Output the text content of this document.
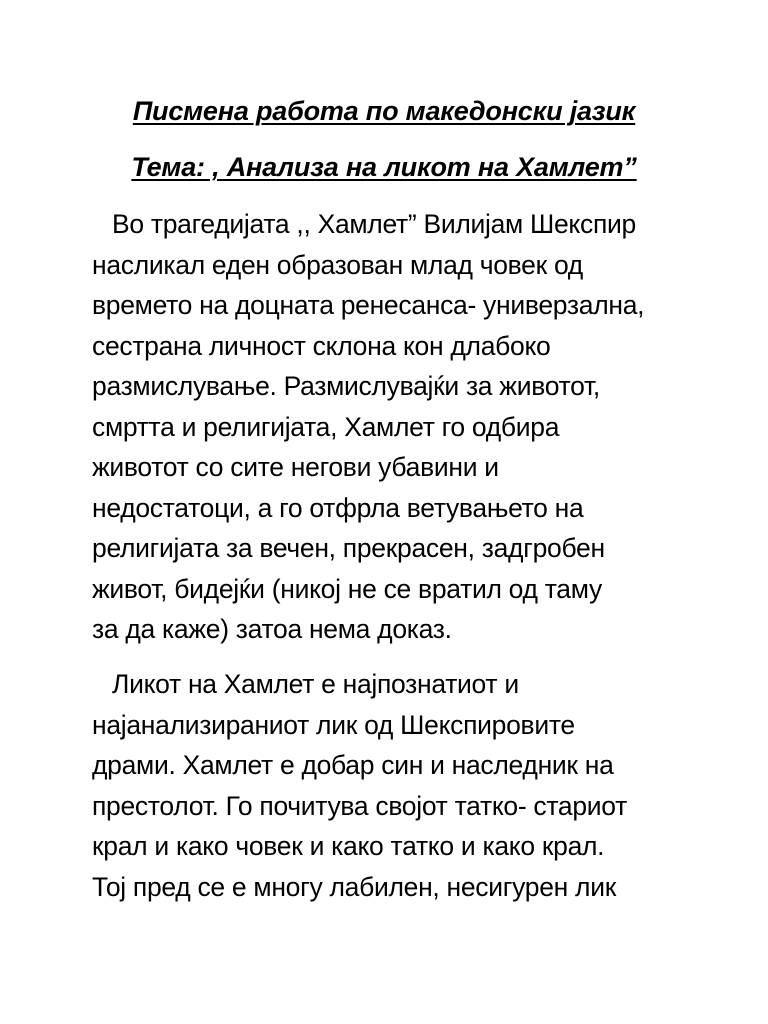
Писмена работа по македонски јазик
Тема: , Анализа на ликот на Хамлет”
Во трагедијата ,, Хамлет” Вилијам Шекспир
насликал еден образован млад човек од
времето на доцната ренесанса- универзална,
сестрана личност склона кон длабоко
размислување. Размислувајќи за животот,
смртта и религијата, Хамлет го одбира
животот со сите негови убавини и
недостатоци, а го отфрла ветувањето на
религијата за вечен, прекрасен, задгробен
живот, бидејќи (никој не се вратил од таму
за да каже) затоа нема доказ.
Ликот на Хамлет е најпознатиот и
најанализираниот лик од Шекспировите
драми. Хамлет е добар син и наследник на
престолот. Го почитува својот татко- стариот
крал и како човек и како татко и како крал.
Тој пред се е многу лабилен, несигурен лик
